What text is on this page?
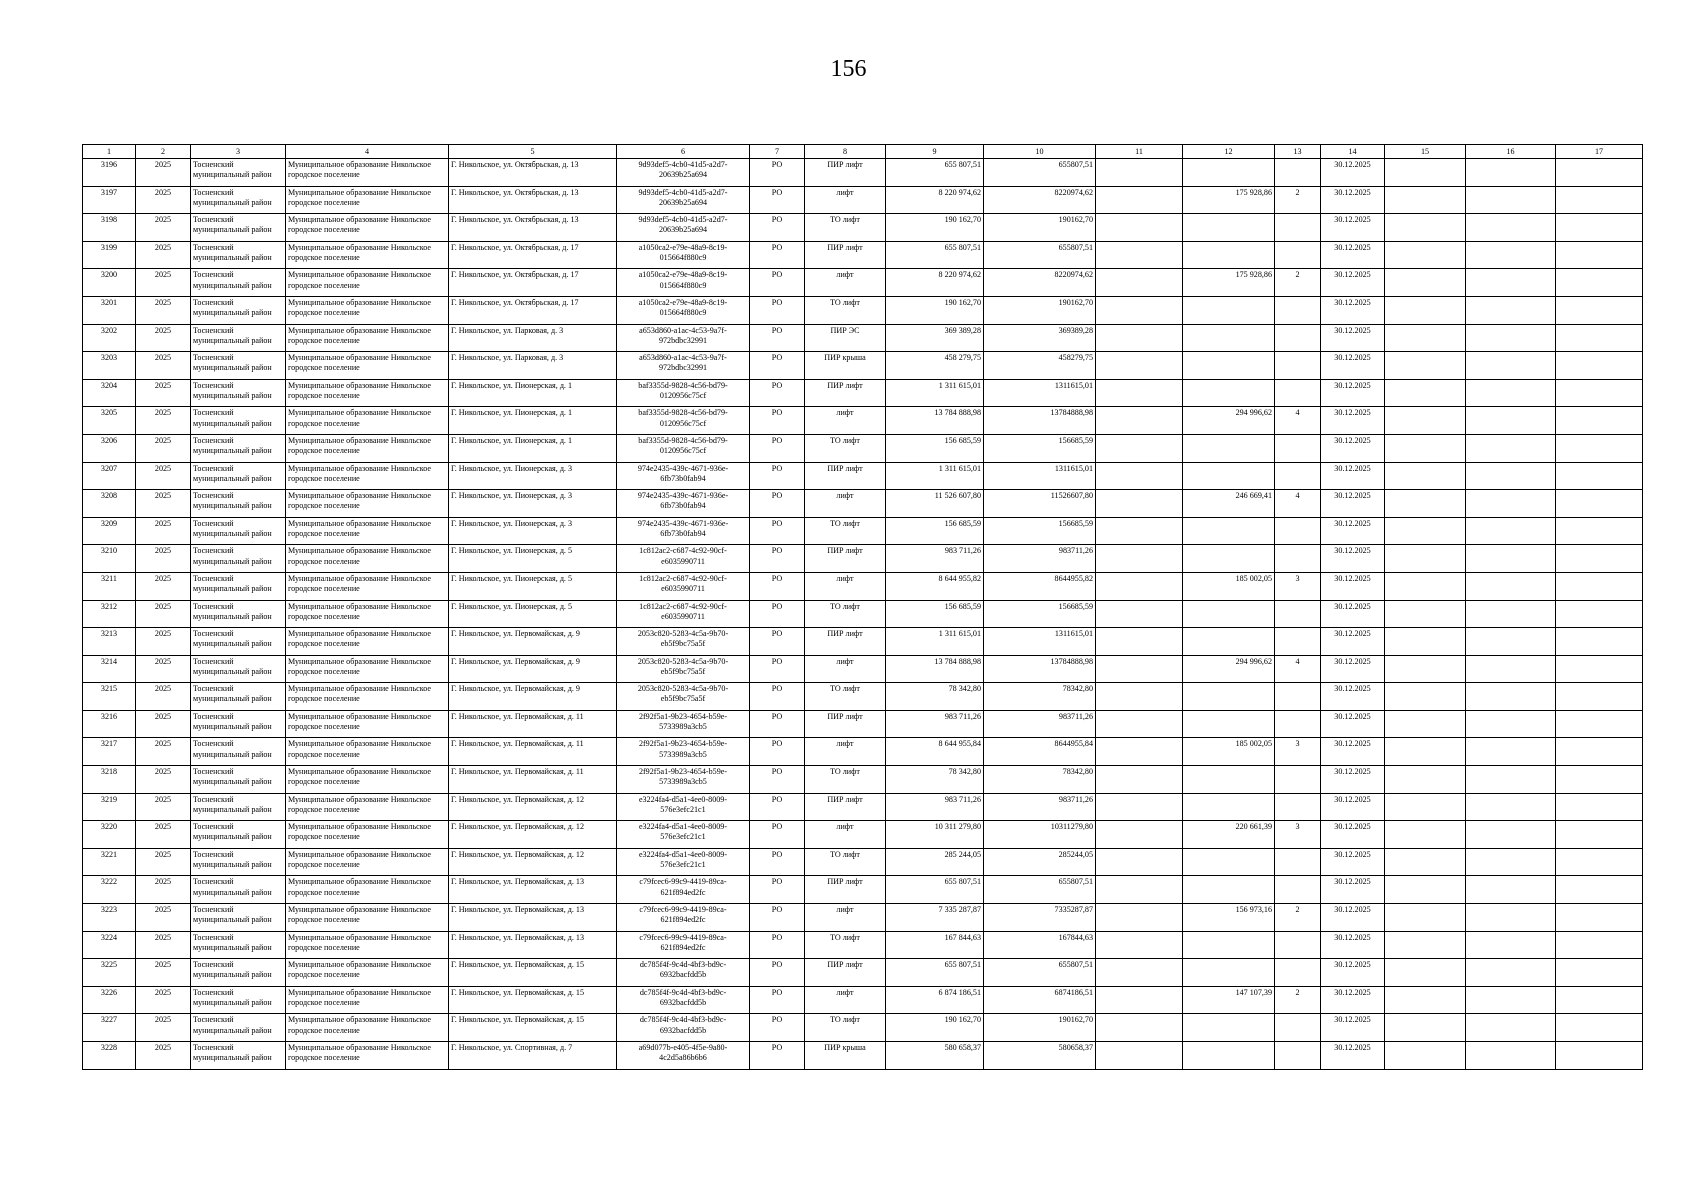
156
1	2	3	4	5	6	7	8	9	10	11	12	13	14	15	16	17
3196	2025	Тосненский муниципальный район	Муниципальное образование Никольское городское поселение	Г. Никольское, ул. Октябрьская, д. 13	9d93def5-4cb0-41d5-a2d7-20639b25a694	РО	ПИР лифт	655 807,51	655807,51				30.12.2025			
3197	2025	Тосненский муниципальный район	Муниципальное образование Никольское городское поселение	Г. Никольское, ул. Октябрьская, д. 13	9d93def5-4cb0-41d5-a2d7-20639b25a694	РО	лифт	8 220 974,62	8220974,62		175 928,86	2	30.12.2025			
3198	2025	Тосненский муниципальный район	Муниципальное образование Никольское городское поселение	Г. Никольское, ул. Октябрьская, д. 13	9d93def5-4cb0-41d5-a2d7-20639b25a694	РО	ТО лифт	190 162,70	190162,70				30.12.2025			
3199	2025	Тосненский муниципальный район	Муниципальное образование Никольское городское поселение	Г. Никольское, ул. Октябрьская, д. 17	a1050ca2-e79e-48a9-8c19-015664f880c9	РО	ПИР лифт	655 807,51	655807,51				30.12.2025			
3200	2025	Тосненский муниципальный район	Муниципальное образование Никольское городское поселение	Г. Никольское, ул. Октябрьская, д. 17	a1050ca2-e79e-48a9-8c19-015664f880c9	РО	лифт	8 220 974,62	8220974,62		175 928,86	2	30.12.2025			
3201	2025	Тосненский муниципальный район	Муниципальное образование Никольское городское поселение	Г. Никольское, ул. Октябрьская, д. 17	a1050ca2-e79e-48a9-8c19-015664f880c9	РО	ТО лифт	190 162,70	190162,70				30.12.2025			
3202	2025	Тосненский муниципальный район	Муниципальное образование Никольское городское поселение	Г. Никольское, ул. Парковая, д. 3	a653d860-a1ac-4c53-9a7f-972bdbc32991	РО	ПИР ЭС	369 389,28	369389,28				30.12.2025			
3203	2025	Тосненский муниципальный район	Муниципальное образование Никольское городское поселение	Г. Никольское, ул. Парковая, д. 3	a653d860-a1ac-4c53-9a7f-972bdbc32991	РО	ПИР крыша	458 279,75	458279,75				30.12.2025			
3204	2025	Тосненский муниципальный район	Муниципальное образование Никольское городское поселение	Г. Никольское, ул. Пионерская, д. 1	baf3355d-9828-4c56-bd79-0120956c75cf	РО	ПИР лифт	1 311 615,01	1311615,01				30.12.2025			
3205	2025	Тосненский муниципальный район	Муниципальное образование Никольское городское поселение	Г. Никольское, ул. Пионерская, д. 1	baf3355d-9828-4c56-bd79-0120956c75cf	РО	лифт	13 784 888,98	13784888,98		294 996,62	4	30.12.2025			
3206	2025	Тосненский муниципальный район	Муниципальное образование Никольское городское поселение	Г. Никольское, ул. Пионерская, д. 1	baf3355d-9828-4c56-bd79-0120956c75cf	РО	ТО лифт	156 685,59	156685,59				30.12.2025			
3207	2025	Тосненский муниципальный район	Муниципальное образование Никольское городское поселение	Г. Никольское, ул. Пионерская, д. 3	974e2435-439c-4671-936e-6fb73b0fab94	РО	ПИР лифт	1 311 615,01	1311615,01				30.12.2025			
3208	2025	Тосненский муниципальный район	Муниципальное образование Никольское городское поселение	Г. Никольское, ул. Пионерская, д. 3	974e2435-439c-4671-936e-6fb73b0fab94	РО	лифт	11 526 607,80	11526607,80		246 669,41	4	30.12.2025			
3209	2025	Тосненский муниципальный район	Муниципальное образование Никольское городское поселение	Г. Никольское, ул. Пионерская, д. 3	974e2435-439c-4671-936e-6fb73b0fab94	РО	ТО лифт	156 685,59	156685,59				30.12.2025			
3210	2025	Тосненский муниципальный район	Муниципальное образование Никольское городское поселение	Г. Никольское, ул. Пионерская, д. 5	1c812ac2-c687-4c92-90cf-e6035990711	РО	ПИР лифт	983 711,26	983711,26				30.12.2025			
3211	2025	Тосненский муниципальный район	Муниципальное образование Никольское городское поселение	Г. Никольское, ул. Пионерская, д. 5	1c812ac2-c687-4c92-90cf-e6035990711	РО	лифт	8 644 955,82	8644955,82		185 002,05	3	30.12.2025			
3212	2025	Тосненский муниципальный район	Муниципальное образование Никольское городское поселение	Г. Никольское, ул. Пионерская, д. 5	1c812ac2-c687-4c92-90cf-e6035990711	РО	ТО лифт	156 685,59	156685,59				30.12.2025			
3213	2025	Тосненский муниципальный район	Муниципальное образование Никольское городское поселение	Г. Никольское, ул. Первомайская, д. 9	2053c820-5283-4c5a-9b70-eb5f9bc75a5f	РО	ПИР лифт	1 311 615,01	1311615,01				30.12.2025			
3214	2025	Тосненский муниципальный район	Муниципальное образование Никольское городское поселение	Г. Никольское, ул. Первомайская, д. 9	2053c820-5283-4c5a-9b70-eb5f9bc75a5f	РО	лифт	13 784 888,98	13784888,98		294 996,62	4	30.12.2025			
3215	2025	Тосненский муниципальный район	Муниципальное образование Никольское городское поселение	Г. Никольское, ул. Первомайская, д. 9	2053c820-5283-4c5a-9b70-eb5f9bc75a5f	РО	ТО лифт	78 342,80	78342,80				30.12.2025			
3216	2025	Тосненский муниципальный район	Муниципальное образование Никольское городское поселение	Г. Никольское, ул. Первомайская, д. 11	2f92f5a1-9b23-4654-b59e-5733989a3cb5	РО	ПИР лифт	983 711,26	983711,26				30.12.2025			
3217	2025	Тосненский муниципальный район	Муниципальное образование Никольское городское поселение	Г. Никольское, ул. Первомайская, д. 11	2f92f5a1-9b23-4654-b59e-5733989a3cb5	РО	лифт	8 644 955,84	8644955,84		185 002,05	3	30.12.2025			
3218	2025	Тосненский муниципальный район	Муниципальное образование Никольское городское поселение	Г. Никольское, ул. Первомайская, д. 11	2f92f5a1-9b23-4654-b59e-5733989a3cb5	РО	ТО лифт	78 342,80	78342,80				30.12.2025			
3219	2025	Тосненский муниципальный район	Муниципальное образование Никольское городское поселение	Г. Никольское, ул. Первомайская, д. 12	e3224fa4-d5a1-4ee0-8009-576e3efc21c1	РО	ПИР лифт	983 711,26	983711,26				30.12.2025			
3220	2025	Тосненский муниципальный район	Муниципальное образование Никольское городское поселение	Г. Никольское, ул. Первомайская, д. 12	e3224fa4-d5a1-4ee0-8009-576e3efc21c1	РО	лифт	10 311 279,80	10311279,80		220 661,39	3	30.12.2025			
3221	2025	Тосненский муниципальный район	Муниципальное образование Никольское городское поселение	Г. Никольское, ул. Первомайская, д. 12	e3224fa4-d5a1-4ee0-8009-576e3efc21c1	РО	ТО лифт	285 244,05	285244,05				30.12.2025			
3222	2025	Тосненский муниципальный район	Муниципальное образование Никольское городское поселение	Г. Никольское, ул. Первомайская, д. 13	c79fcec6-99c9-4419-89ca-621f894ed2fc	РО	ПИР лифт	655 807,51	655807,51				30.12.2025			
3223	2025	Тосненский муниципальный район	Муниципальное образование Никольское городское поселение	Г. Никольское, ул. Первомайская, д. 13	c79fcec6-99c9-4419-89ca-621f894ed2fc	РО	лифт	7 335 287,87	7335287,87		156 973,16	2	30.12.2025			
3224	2025	Тосненский муниципальный район	Муниципальное образование Никольское городское поселение	Г. Никольское, ул. Первомайская, д. 13	c79fcec6-99c9-4419-89ca-621f894ed2fc	РО	ТО лифт	167 844,63	167844,63				30.12.2025			
3225	2025	Тосненский муниципальный район	Муниципальное образование Никольское городское поселение	Г. Никольское, ул. Первомайская, д. 15	dc785f4f-9c4d-4bf3-bd9c-6932bacfdd5b	РО	ПИР лифт	655 807,51	655807,51				30.12.2025			
3226	2025	Тосненский муниципальный район	Муниципальное образование Никольское городское поселение	Г. Никольское, ул. Первомайская, д. 15	dc785f4f-9c4d-4bf3-bd9c-6932bacfdd5b	РО	лифт	6 874 186,51	6874186,51		147 107,39	2	30.12.2025			
3227	2025	Тосненский муниципальный район	Муниципальное образование Никольское городское поселение	Г. Никольское, ул. Первомайская, д. 15	dc785f4f-9c4d-4bf3-bd9c-6932bacfdd5b	РО	ТО лифт	190 162,70	190162,70				30.12.2025			
3228	2025	Тосненский муниципальный район	Муниципальное образование Никольское городское поселение	Г. Никольское, ул. Спортивная, д. 7	a69d077b-e405-4f5e-9a80-4c2d5a86b6b6	РО	ПИР крыша	580 658,37	580658,37				30.12.2025			
